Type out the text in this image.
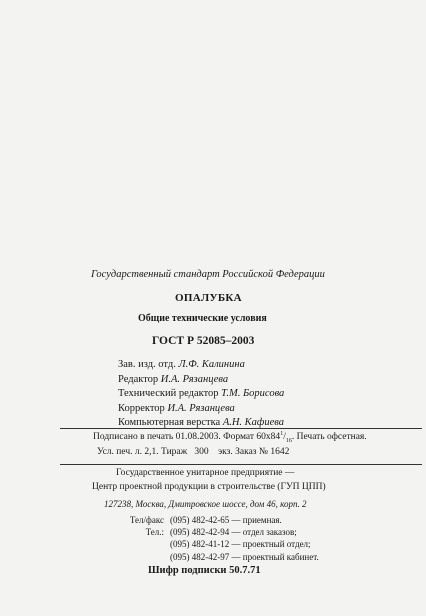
Государственный стандарт Российской Федерации
ОПАЛУБКА
Общие технические условия
ГОСТ Р 52085–2003
Зав. изд. отд. Л.Ф. Калинина
Редактор И.А. Рязанцева
Технический редактор Т.М. Борисова
Корректор И.А. Рязанцева
Компьютерная верстка А.Н. Кафиева
Подписано в печать 01.08.2003. Формат $60х84^1/_{16}$. Печать офсетная.
Усл. печ. л. 2,1. Тираж 300 экз. Заказ № 1642
Государственное унитарное предприятие —
Центр проектной продукции в строительстве (ГУП ЦПП)
127238, Москва, Дмитровское шоссе, дом 46, корп. 2
Тел/факс (095) 482-42-65
— приемная.
Тел.: (095) 482-42-94
— отдел заказов;
(095) 482-41-12
— проектный отдел;
(095) 482-42-97
— проектный кабинет.
Шифр подписки 50.7.71
